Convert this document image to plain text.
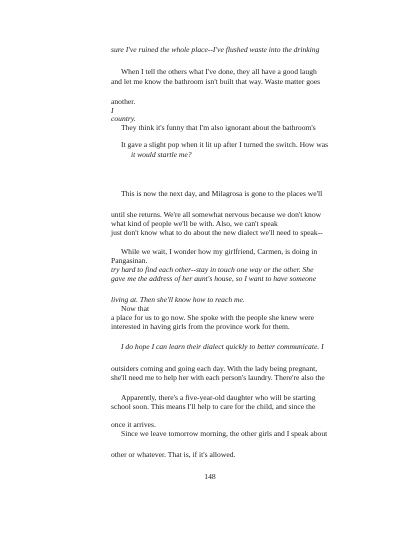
sure I've ruined the whole place--I've flushed waste into the drinking
When I tell the others what I've done, they all have a good laugh
and let me know the bathroom isn't built that way. Waste matter goes
another.
I
country.
They think it's funny that I'm also ignorant about the bathroom's
It gave a slight pop when it lit up after I turned the switch. How was
it would startle me?
This is now the next day, and Milagrosa is gone to the places we'll
until she returns. We're all somewhat nervous because we don't know
what kind of people we'll be with. Also, we can't speak
just don't know what to do about the new dialect we'll need to speak--
While we wait, I wonder how my girlfriend, Carmen, is doing in
Pangasinan.
try hard to find each other--stay in touch one way or the other. She
gave me the address of her aunt's house, so I want to have someone
living at. Then she'll know how to reach me.
Now that
a place for us to go now. She spoke with the people she knew were
interested in having girls from the province work for them.
I do hope I can learn their dialect quickly to better communicate. I
outsiders coming and going each day. With the lady being pregnant,
she'll need me to help her with each person's laundry. There're also the
Apparently, there's a five-year-old daughter who will be starting
school soon. This means I'll help to care for the child, and since the
once it arrives.
Since we leave tomorrow morning, the other girls and I speak about
other or whatever. That is, if it's allowed.
148
